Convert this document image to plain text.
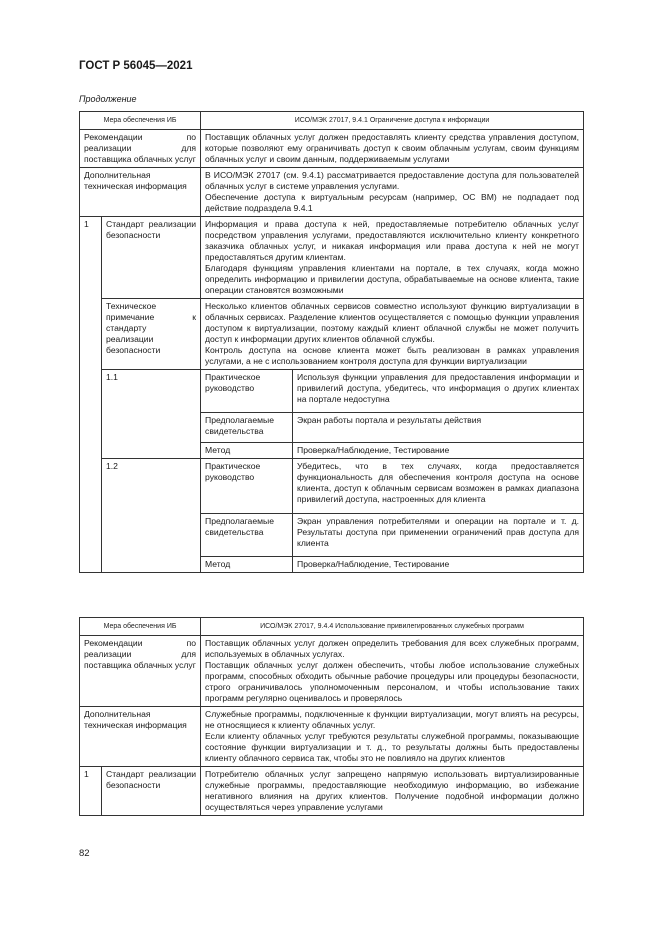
ГОСТ Р 56045—2021
Продолжение
Мера обеспечения ИБ		ИСО/МЭК 27017, 9.4.1 Ограничение доступа к информации	
Рекомендации по реализации для поставщика облачных услуг		Поставщик облачных услуг должен предоставлять клиенту средства управления доступом, которые позволяют ему ограничивать доступ к своим облачным услугам, своим функциям облачных услуг и своим данным, поддерживаемым услугами	
Дополнительная техническая информация		В ИСО/МЭК 27017 (см. 9.4.1) рассматривается предоставление доступа для пользователей облачных услуг в системе управления услугами.
Обеспечение доступа к виртуальным ресурсам (например, ОС ВМ) не подпадает под действие подраздела 9.4.1	

1	Стандарт реализации безопасности	Информация и права доступа к ней, предоставляемые потребителю облачных услуг посредством управления услугами, предоставляются исключительно клиенту конкретного заказчика облачных услуг, и никакая информация или права доступа к ней не могут предоставляться другим клиентам.
Благодаря функциям управления клиентами на портале, в тех случаях, когда можно определить информацию и привилегии доступа, обрабатываемые на основе клиента, такие операции становятся возможными	

	Техническое примечание к стандарту реализации безопасности	Несколько клиентов облачных сервисов совместно используют функцию виртуализации в облачных сервисах. Разделение клиентов осуществляется с помощью функции управления доступом к виртуализации, поэтому каждый клиент облачной службы не может получить доступ к информации других клиентов облачной службы.
Контроль доступа на основе клиента может быть реализован в рамках управления услугами, а не с использованием контроля доступа для функции виртуализации	

	1.1	Практическое руководство	Используя функции управления для предоставления информации и привилегий доступа, убедитесь, что информация о других клиентах на портале недоступна
		Предполагаемые свидетельства	Экран работы портала и результаты действия
		Метод	Проверка/Наблюдение, Тестирование
	1.2	Практическое руководство	Убедитесь, что в тех случаях, когда предоставляется функциональность для обеспечения контроля доступа на основе клиента, доступ к облачным сервисам возможен в рамках диапазона привилегий доступа, настроенных для клиента
		Предполагаемые свидетельства	Экран управления потребителями и операции на портале и т. д. Результаты доступа при применении ограничений прав доступа для клиента
		Метод	Проверка/Наблюдение, Тестирование
Мера обеспечения ИБ		ИСО/МЭК 27017, 9.4.4 Использование привилегированных служебных программ
Рекомендации по реализации для поставщика облачных услуг		Поставщик облачных услуг должен определить требования для всех служебных программ, используемых в облачных услугах.
Поставщик облачных услуг должен обеспечить, чтобы любое использование служебных программ, способных обходить обычные рабочие процедуры или процедуры безопасности, строго ограничивалось уполномоченным персоналом, и чтобы использование таких программ регулярно оценивалось и проверялось

Дополнительная техническая информация		Служебные программы, подключенные к функции виртуализации, могут влиять на ресурсы, не относящиеся к клиенту облачных услуг.
Если клиенту облачных услуг требуются результаты служебной программы, показывающие состояние функции виртуализации и т. д., то результаты должны быть предоставлены клиенту облачного сервиса так, чтобы это не повлияло на других клиентов

1	Стандарт реализации безопасности	Потребителю облачных услуг запрещено напрямую использовать виртуализированные служебные программы, предоставляющие необходимую информацию, во избежание негативного влияния на других клиентов. Получение подобной информации должно осуществляться через управление услугами
82
